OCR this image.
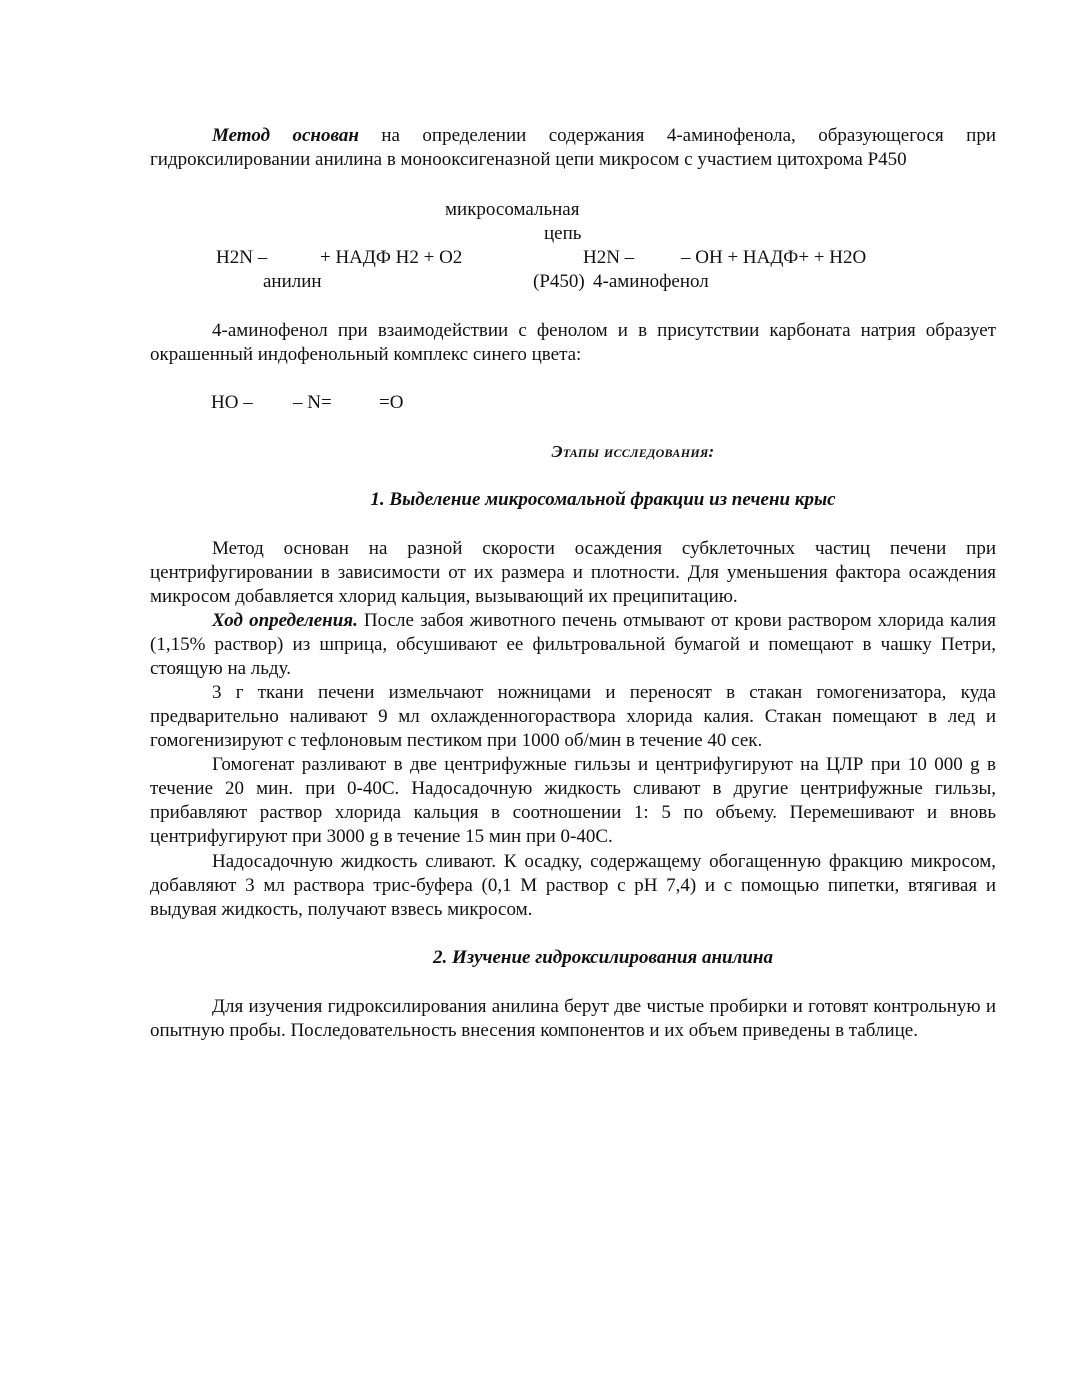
Метод основан на определении содержания 4-аминофенола, образующегося при гидроксилировании анилина в монооксигеназной цепи микросом с участием цитохрома Р450

микросомальная
цепь
H2N –	+ НАДФ Н2 + О2	H2N – – ОН + НАДФ+ + Н2О
анилин	(Р450) 4-аминофенол

4-аминофенол при взаимодействии с фенолом и в присутствии карбоната натрия образует окрашенный индофенольный комплекс синего цвета:

НО – – N= =О

Этапы исследования:

1. Выделение микросомальной фракции из печени крыс

Метод основан на разной скорости осаждения субклеточных частиц печени при центрифугировании в зависимости от их размера и плотности. Для уменьшения фактора осаждения микросом добавляется хлорид кальция, вызывающий их преципитацию.

Ход определения. После забоя животного печень отмывают от крови раствором хлорида калия (1,15% раствор) из шприца, обсушивают ее фильтровальной бумагой и помещают в чашку Петри, стоящую на льду.

3 г ткани печени измельчают ножницами и переносят в стакан гомогенизатора, куда предварительно наливают 9 мл охлажденногораствора хлорида калия. Стакан помещают в лед и гомогенизируют с тефлоновым пестиком при 1000 об/мин в течение 40 сек.

Гомогенат разливают в две центрифужные гильзы и центрифугируют на ЦЛР при 10 000 g в течение 20 мин. при 0-40С. Надосадочную жидкость сливают в другие центрифужные гильзы, прибавляют раствор хлорида кальция в соотношении 1: 5 по объему. Перемешивают и вновь центрифугируют при 3000 g в течение 15 мин при 0-40С.

Надосадочную жидкость сливают. К осадку, содержащему обогащенную фракцию микросом, добавляют 3 мл раствора трис-буфера (0,1 М раствор с рН 7,4) и с помощью пипетки, втягивая и выдувая жидкость, получают взвесь микросом.

2. Изучение гидроксилирования анилина

Для изучения гидроксилирования анилина берут две чистые пробирки и готовят контрольную и опытную пробы. Последовательность внесения компонентов и их объем приведены в таблице.
